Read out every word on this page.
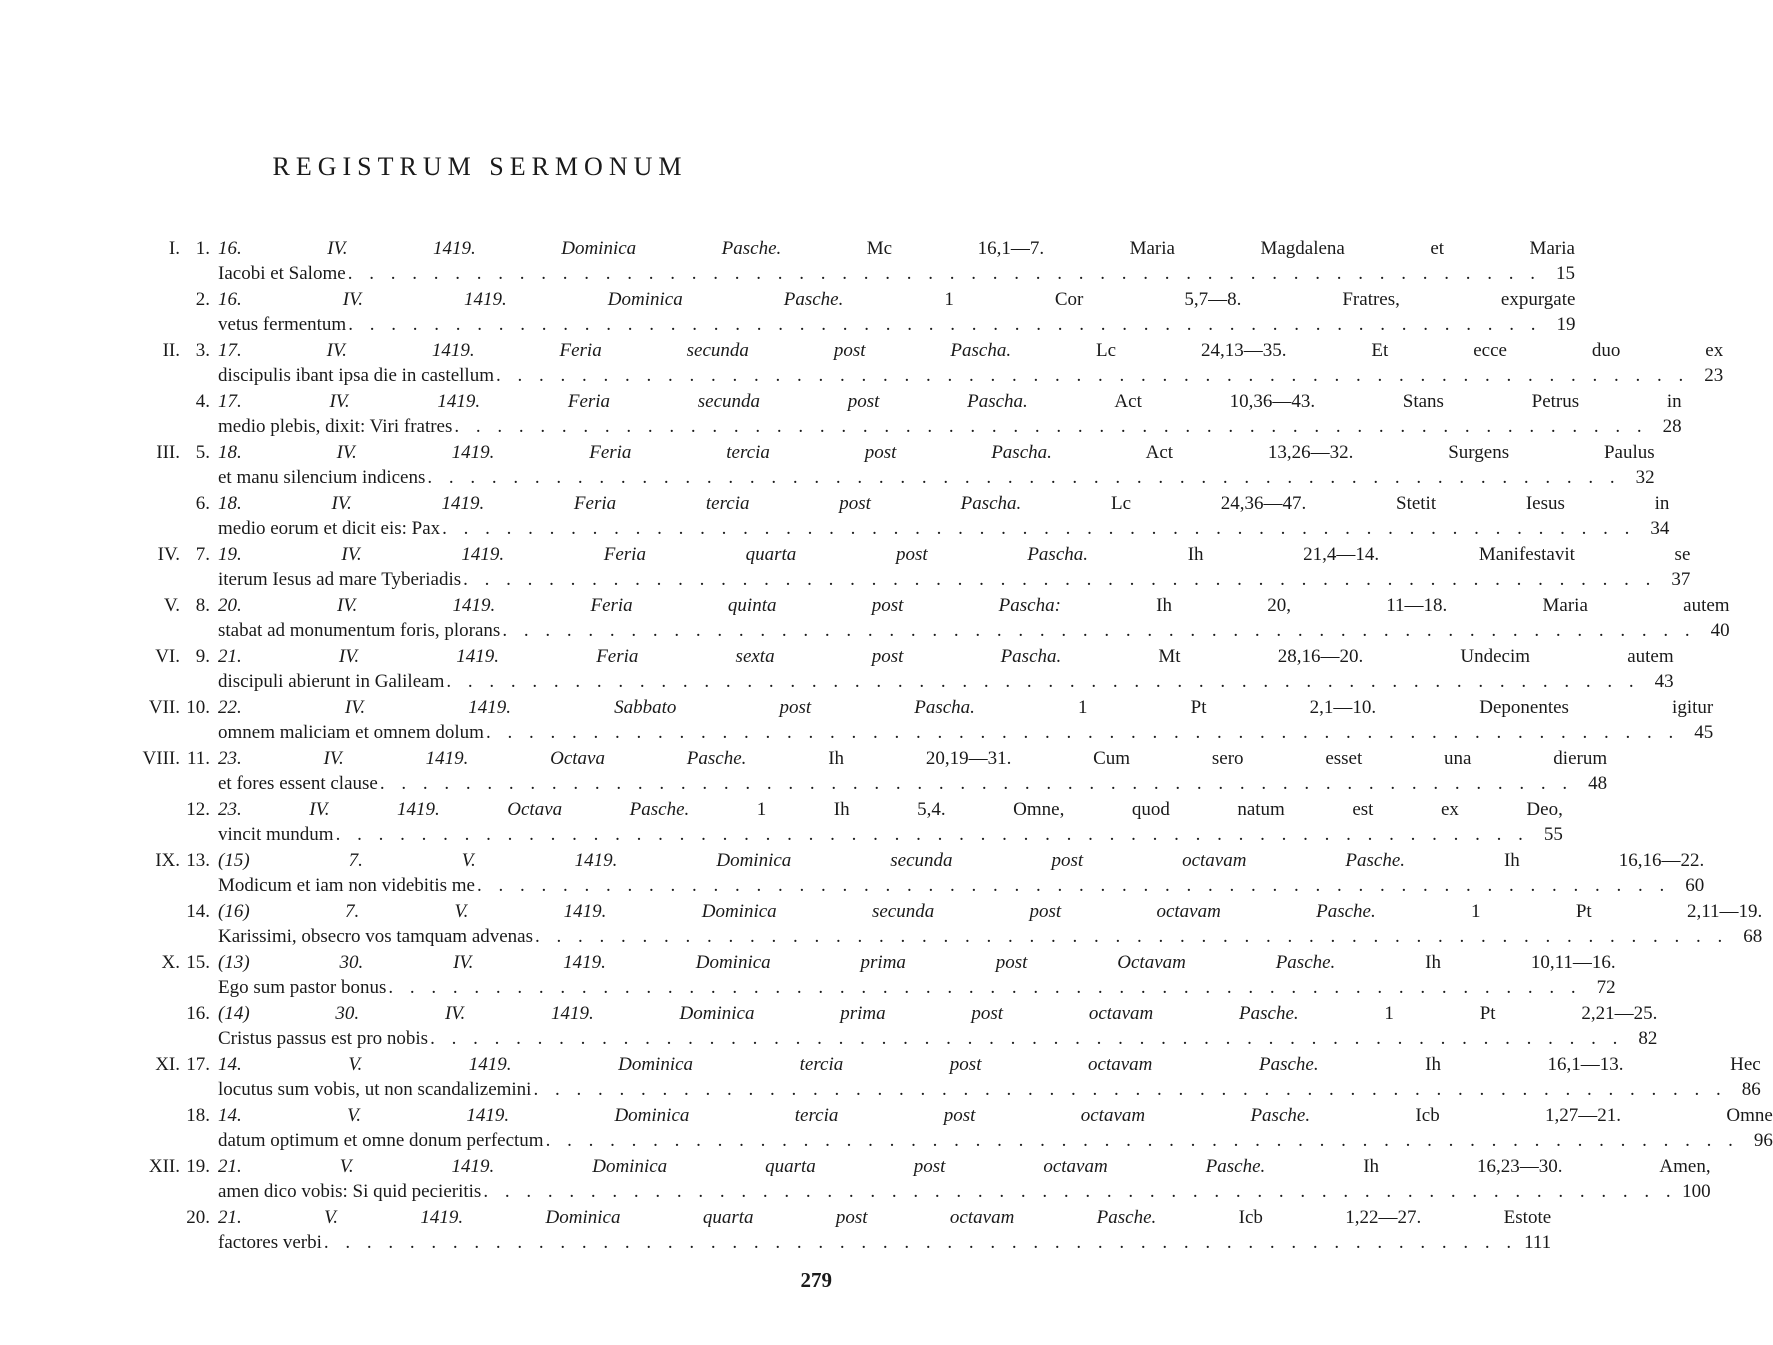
REGISTRUM SERMONUM
I. 1. 16. IV. 1419. Dominica Pasche. Mc 16,1—7. Maria Magdalena et Maria
Iacobi et Salome . . .	15
2. 16. IV. 1419. Dominica Pasche. 1 Cor 5,7—8. Fratres, expurgate
vetus fermentum . . .	19
II. 3. 17. IV. 1419. Feria secunda post Pascha. Lc 24,13—35. Et ecce duo ex
discipulis ibant ipsa die in castellum . . .	23
4. 17. IV. 1419. Feria secunda post Pascha. Act 10,36—43. Stans Petrus in
medio plebis, dixit: Viri fratres . . .	28
III. 5. 18. IV. 1419. Feria tercia post Pascha. Act 13,26—32. Surgens Paulus
et manu silencium indicens . . .	32
6. 18. IV. 1419. Feria tercia post Pascha. Lc 24,36—47. Stetit Iesus in
medio eorum et dicit eis: Pax . . .	34
IV. 7. 19. IV. 1419. Feria quarta post Pascha. Ih 21,4—14. Manifestavit se
iterum Iesus ad mare Tyberiadis . . .	37
V. 8. 20. IV. 1419. Feria quinta post Pascha: Ih 20, 11—18. Maria autem
stabat ad monumentum foris, plorans . . .	40
VI. 9. 21. IV. 1419. Feria sexta post Pascha. Mt 28,16—20. Undecim autem
discipuli abierunt in Galileam . . .	43
VII. 10. 22. IV. 1419. Sabbato post Pascha. 1 Pt 2,1—10. Deponentes igitur
omnem maliciam et omnem dolum . . .	45
VIII. 11. 23. IV. 1419. Octava Pasche. Ih 20,19—31. Cum sero esset una dierum
et fores essent clause . . .	48
12. 23. IV. 1419. Octava Pasche. 1 Ih 5,4. Omne, quod natum est ex Deo,
vincit mundum . . .	55
IX. 13. (15) 7. V. 1419. Dominica secunda post octavam Pasche. Ih 16,16—22.
Modicum et iam non videbitis me . . .	60
14. (16) 7. V. 1419. Dominica secunda post octavam Pasche. 1 Pt 2,11—19.
Karissimi, obsecro vos tamquam advenas . . .	68
X. 15. (13) 30. IV. 1419. Dominica prima post Octavam Pasche. Ih 10,11—16.
Ego sum pastor bonus . . .	72
16. (14) 30. IV. 1419. Dominica prima post octavam Pasche. 1 Pt 2,21—25.
Cristus passus est pro nobis . . .	82
XI. 17. 14. V. 1419. Dominica tercia post octavam Pasche. Ih 16,1—13. Hec
locutus sum vobis, ut non scandalizemini . . .	86
18. 14. V. 1419. Dominica tercia post octavam Pasche. Icb 1,27—21. Omne
datum optimum et omne donum perfectum . . .	96
XII. 19. 21. V. 1419. Dominica quarta post octavam Pasche. Ih 16,23—30. Amen,
amen dico vobis: Si quid pecieritis . . .	100
20. 21. V. 1419. Dominica quarta post octavam Pasche. Icb 1,22—27. Estote
factores verbi . . .	111
279
